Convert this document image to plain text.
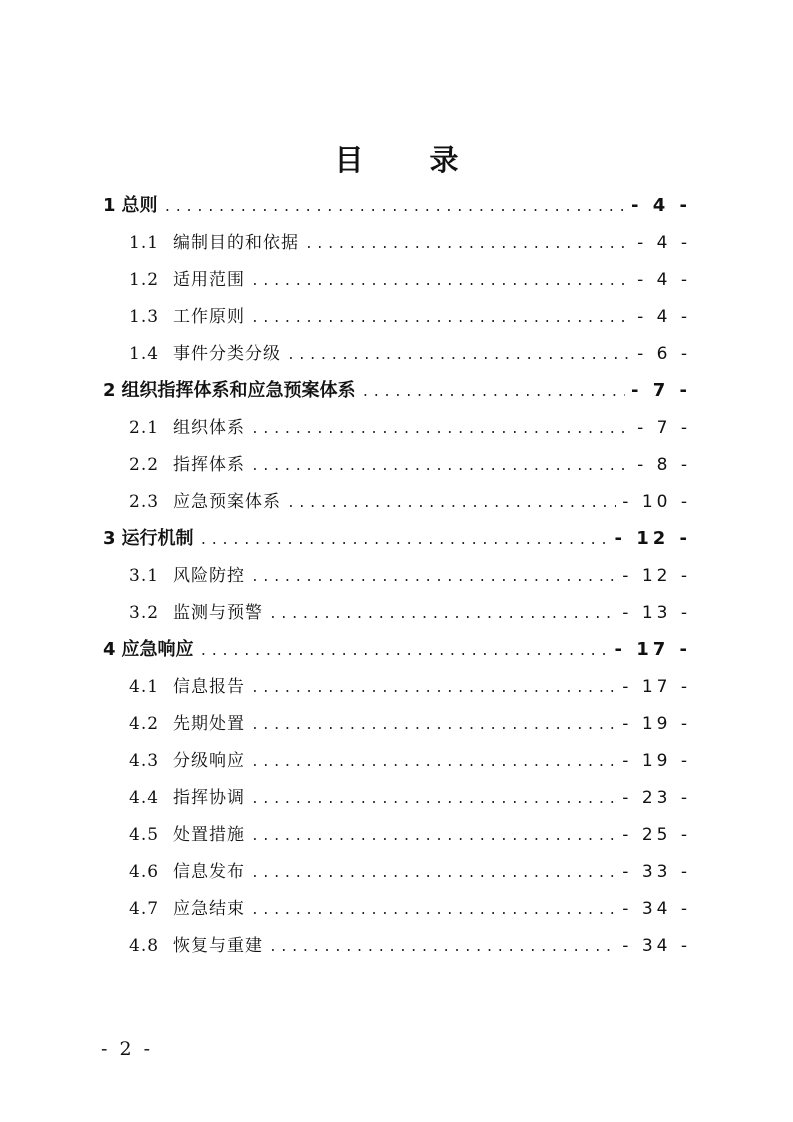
目 录
1 总则 .....	- 4 -
1.1 编制目的和依据 .....	- 4 -
1.2 适用范围 .....	- 4 -
1.3 工作原则 .....	- 4 -
1.4 事件分类分级 .....	- 6 -
2 组织指挥体系和应急预案体系 .....	- 7 -
2.1 组织体系 .....	- 7 -
2.2 指挥体系 .....	- 8 -
2.3 应急预案体系 .....	- 10 -
3 运行机制 .....	- 12 -
3.1 风险防控 .....	- 12 -
3.2 监测与预警 .....	- 13 -
4 应急响应 .....	- 17 -
4.1 信息报告 .....	- 17 -
4.2 先期处置 .....	- 19 -
4.3 分级响应 .....	- 19 -
4.4 指挥协调 .....	- 23 -
4.5 处置措施 .....	- 25 -
4.6 信息发布 .....	- 33 -
4.7 应急结束 .....	- 34 -
4.8 恢复与重建 .....	- 34 -
- 2 -
